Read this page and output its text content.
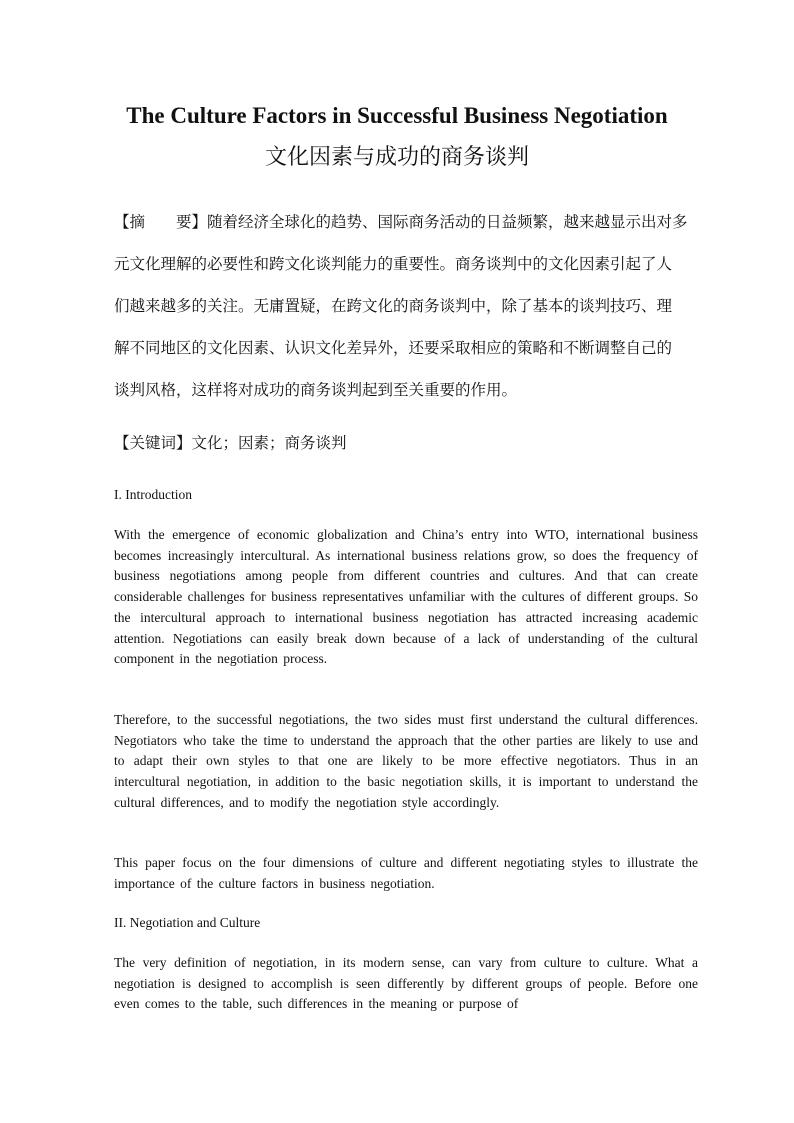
The Culture Factors in Successful Business Negotiation
文化因素与成功的商务谈判
【摘　　要】随着经济全球化的趋势、国际商务活动的日益频繁，越来越显示出对多
元文化理解的必要性和跨文化谈判能力的重要性。商务谈判中的文化因素引起了人
们越来越多的关注。无庸置疑，在跨文化的商务谈判中，除了基本的谈判技巧、理
解不同地区的文化因素、认识文化差异外，还要采取相应的策略和不断调整自己的
谈判风格，这样将对成功的商务谈判起到至关重要的作用。
【关键词】文化；因素；商务谈判
I. Introduction
With the emergence of economic globalization and China’s entry into WTO, international business becomes increasingly intercultural. As international business relations grow, so does the frequency of business negotiations among people from different countries and cultures. And that can create considerable challenges for business representatives unfamiliar with the cultures of different groups. So the intercultural approach to international business negotiation has attracted increasing academic attention. Negotiations can easily break down because of a lack of understanding of the cultural component in the negotiation process.
Therefore, to the successful negotiations, the two sides must first understand the cultural differences. Negotiators who take the time to understand the approach that the other parties are likely to use and to adapt their own styles to that one are likely to be more effective negotiators. Thus in an intercultural negotiation, in addition to the basic negotiation skills, it is important to understand the cultural differences, and to modify the negotiation style accordingly.
This paper focus on the four dimensions of culture and different negotiating styles to illustrate the importance of the culture factors in business negotiation.
II. Negotiation and Culture
The very definition of negotiation, in its modern sense, can vary from culture to culture. What a negotiation is designed to accomplish is seen differently by different groups of people. Before one even comes to the table, such differences in the meaning or purpose of
